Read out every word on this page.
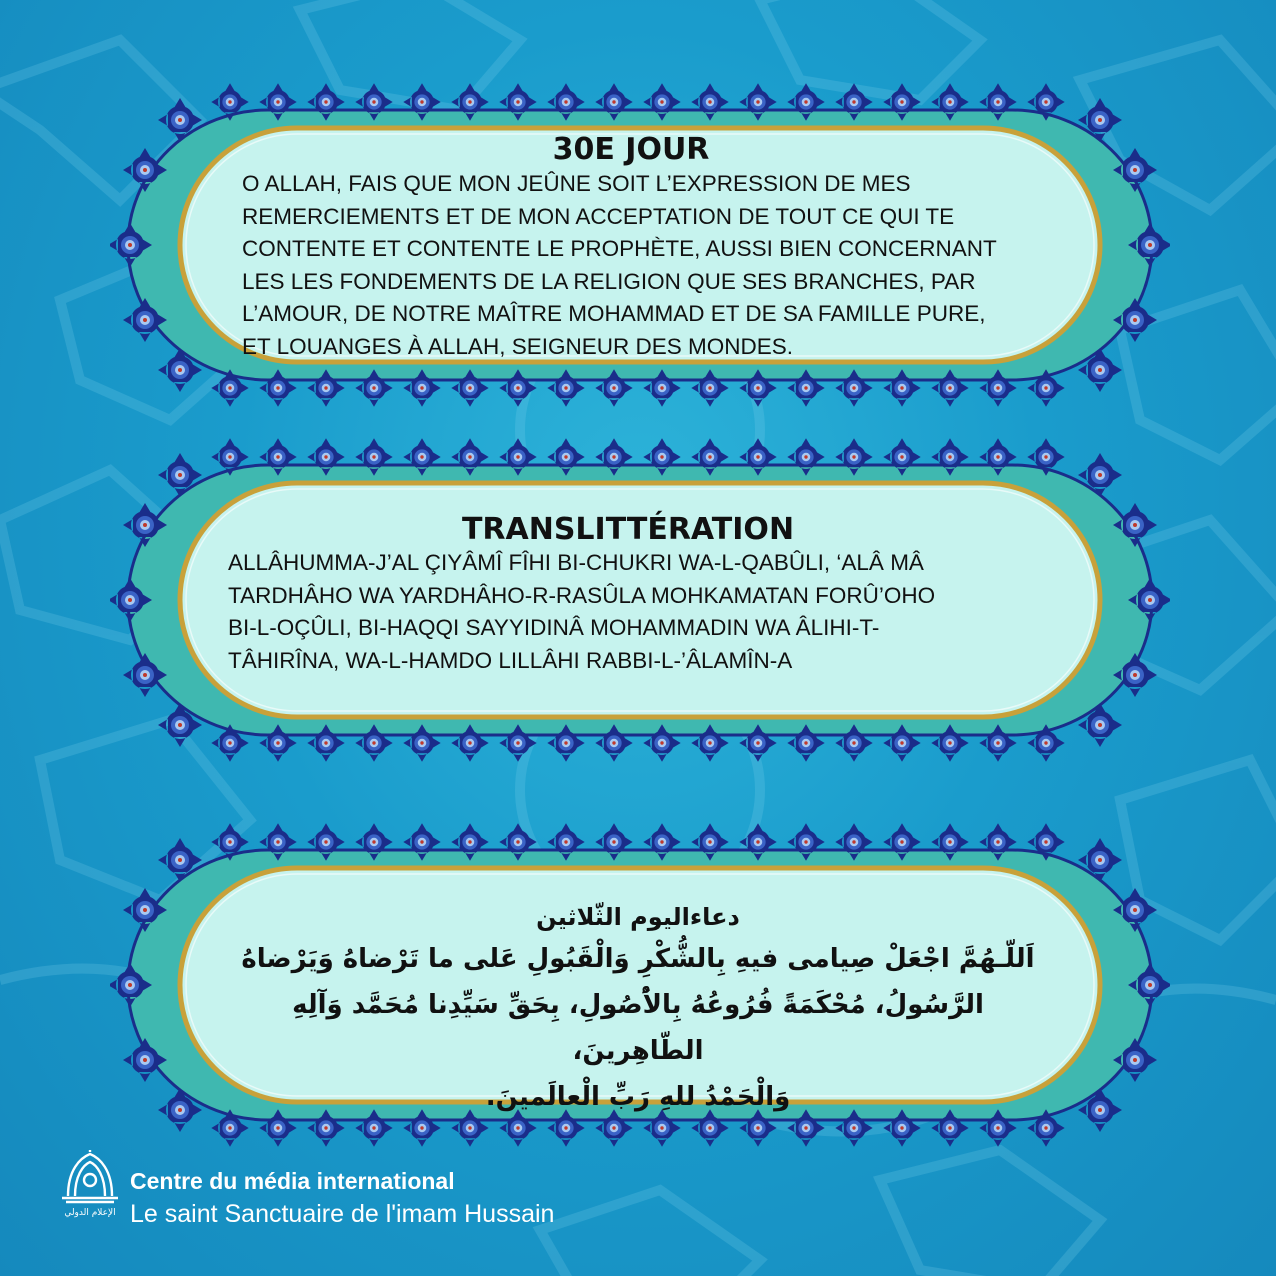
30E JOUR
O ALLAH, FAIS QUE MON JEÛNE SOIT L’EXPRESSION DE MES
REMERCIEMENTS ET DE MON ACCEPTATION DE TOUT CE QUI TE
CONTENTE ET CONTENTE LE PROPHÈTE, AUSSI BIEN CONCERNANT
LES LES FONDEMENTS DE LA RELIGION QUE SES BRANCHES, PAR
L’AMOUR, DE NOTRE MAÎTRE MOHAMMAD ET DE SA FAMILLE PURE,
ET LOUANGES À ALLAH, SEIGNEUR DES MONDES.
TRANSLITTÉRATION
ALLÂHUMMA-J’AL ÇIYÂMÎ FÎHI BI-CHUKRI WA-L-QABÛLI, ‘ALÂ MÂ
TARDHÂHO WA YARDHÂHO-R-RASÛLA MOHKAMATAN FORÛ’OHO
BI-L-OÇÛLI, BI-HAQQI SAYYIDINÂ MOHAMMADIN WA ÂLIHI-T-
TÂHIRÎNA, WA-L-HAMDO LILLÂHI RABBI-L-’ÂLAMÎN-A
دعاءاليوم الثّلاثين
اَللّـهُمَّ اجْعَلْ صِيامى فيهِ بِالشُّكْرِ وَالْقَبُولِ عَلى ما تَرْضاهُ وَيَرْضاهُ
الرَّسُولُ، مُحْكَمَةً فُرُوعُهُ بِالاُْصُولِ، بِحَقِّ سَيِّدِنا مُحَمَّد وَآلِهِ الطّاهِرينَ،
وَالْحَمْدُ للهِ رَبِّ الْعالَمينَ.
الإعلام الدولي
Centre du média international
Le saint Sanctuaire de l'imam Hussain
